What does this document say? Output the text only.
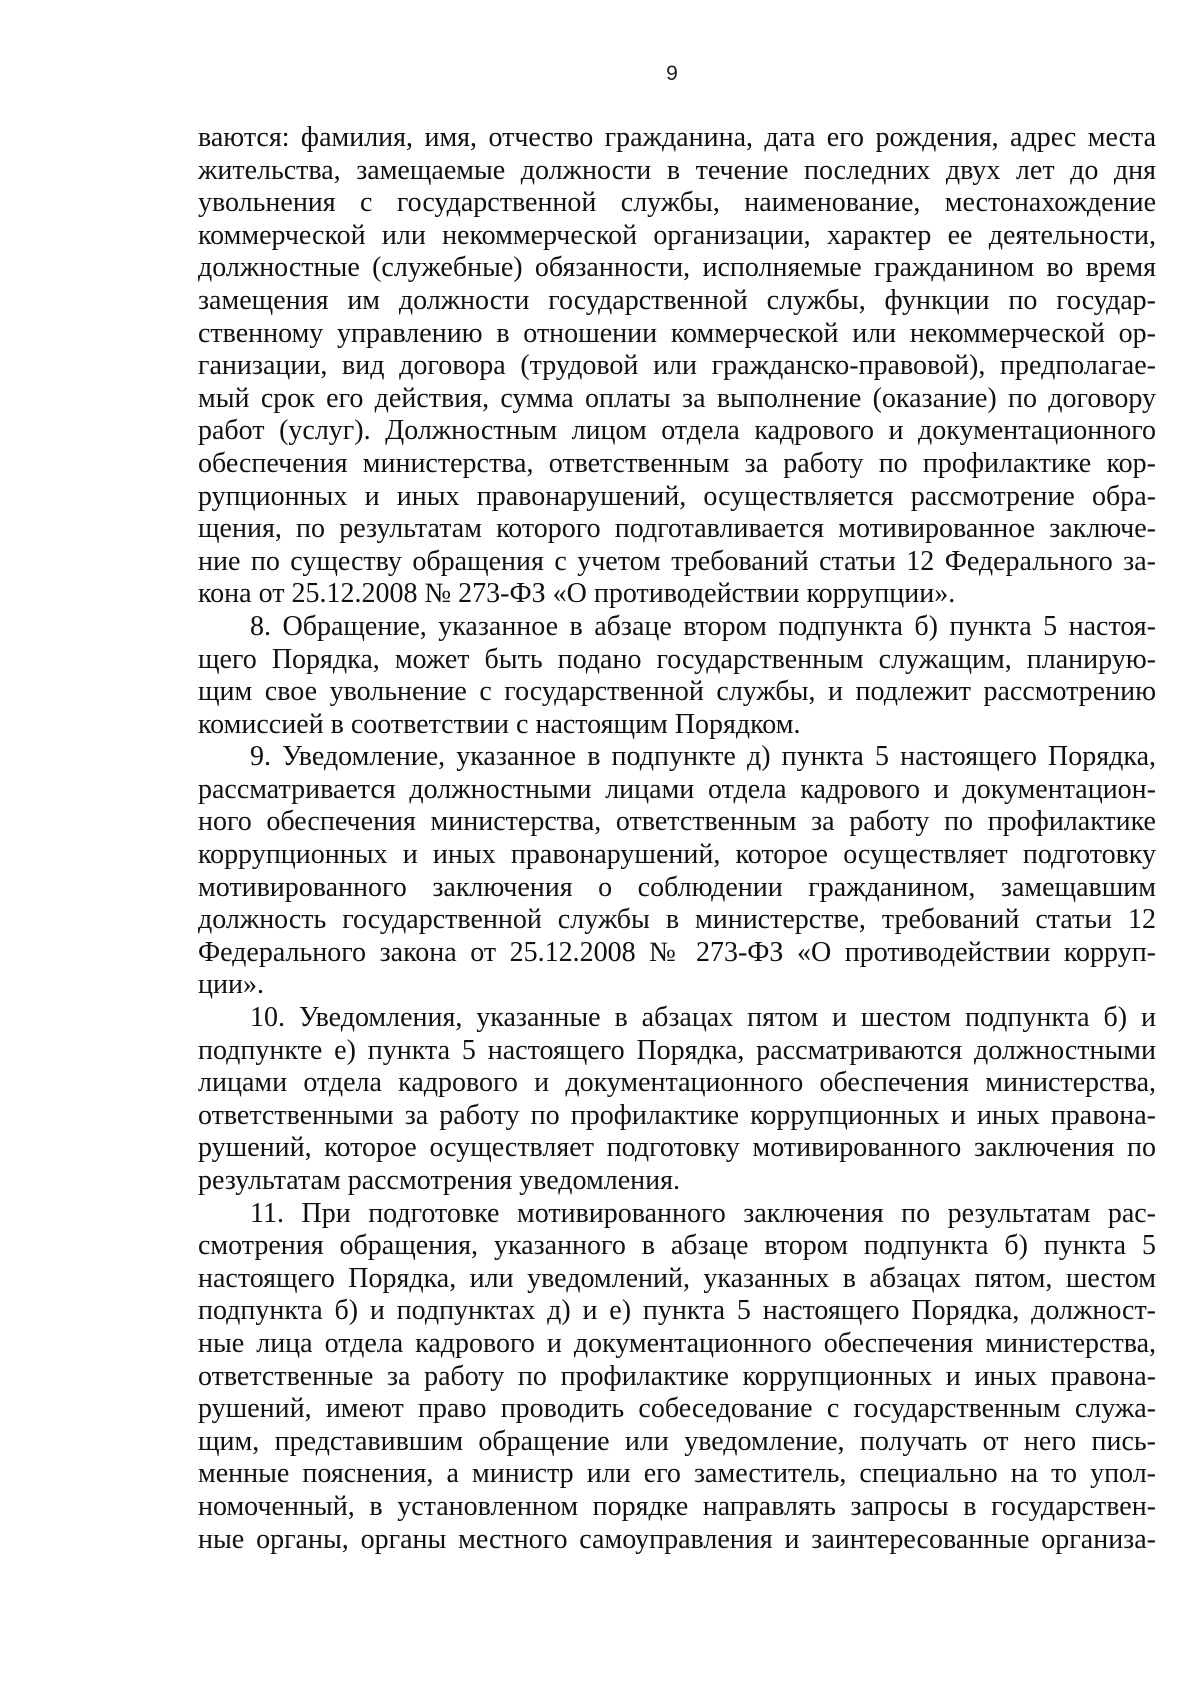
9
ваются: фамилия, имя, отчество гражданина, дата его рождения, адрес места
жительства, замещаемые должности в течение последних двух лет до дня
увольнения с государственной службы, наименование, местонахождение
коммерческой или некоммерческой организации, характер ее деятельности,
должностные (служебные) обязанности, исполняемые гражданином во время
замещения им должности государственной службы, функции по государ-
ственному управлению в отношении коммерческой или некоммерческой ор-
ганизации, вид договора (трудовой или гражданско-правовой), предполагае-
мый срок его действия, сумма оплаты за выполнение (оказание) по договору
работ (услуг). Должностным лицом отдела кадрового и документационного
обеспечения министерства, ответственным за работу по профилактике кор-
рупционных и иных правонарушений, осуществляется рассмотрение обра-
щения, по результатам которого подготавливается мотивированное заключе-
ние по существу обращения с учетом требований статьи 12 Федерального за-
кона от 25.12.2008 № 273-ФЗ «О противодействии коррупции».
8. Обращение, указанное в абзаце втором подпункта б) пункта 5 настоя-
щего Порядка, может быть подано государственным служащим, планирую-
щим свое увольнение с государственной службы, и подлежит рассмотрению
комиссией в соответствии с настоящим Порядком.
9. Уведомление, указанное в подпункте д) пункта 5 настоящего Порядка,
рассматривается должностными лицами отдела кадрового и документацион-
ного обеспечения министерства, ответственным за работу по профилактике
коррупционных и иных правонарушений, которое осуществляет подготовку
мотивированного заключения о соблюдении гражданином, замещавшим
должность государственной службы в министерстве, требований статьи 12
Федерального закона от 25.12.2008 № 273-ФЗ «О противодействии корруп-
ции».
10. Уведомления, указанные в абзацах пятом и шестом подпункта б) и
подпункте е) пункта 5 настоящего Порядка, рассматриваются должностными
лицами отдела кадрового и документационного обеспечения министерства,
ответственными за работу по профилактике коррупционных и иных правона-
рушений, которое осуществляет подготовку мотивированного заключения по
результатам рассмотрения уведомления.
11. При подготовке мотивированного заключения по результатам рас-
смотрения обращения, указанного в абзаце втором подпункта б) пункта 5
настоящего Порядка, или уведомлений, указанных в абзацах пятом, шестом
подпункта б) и подпунктах д) и е) пункта 5 настоящего Порядка, должност-
ные лица отдела кадрового и документационного обеспечения министерства,
ответственные за работу по профилактике коррупционных и иных правона-
рушений, имеют право проводить собеседование с государственным служа-
щим, представившим обращение или уведомление, получать от него пись-
менные пояснения, а министр или его заместитель, специально на то упол-
номоченный, в установленном порядке направлять запросы в государствен-
ные органы, органы местного самоуправления и заинтересованные организа-
